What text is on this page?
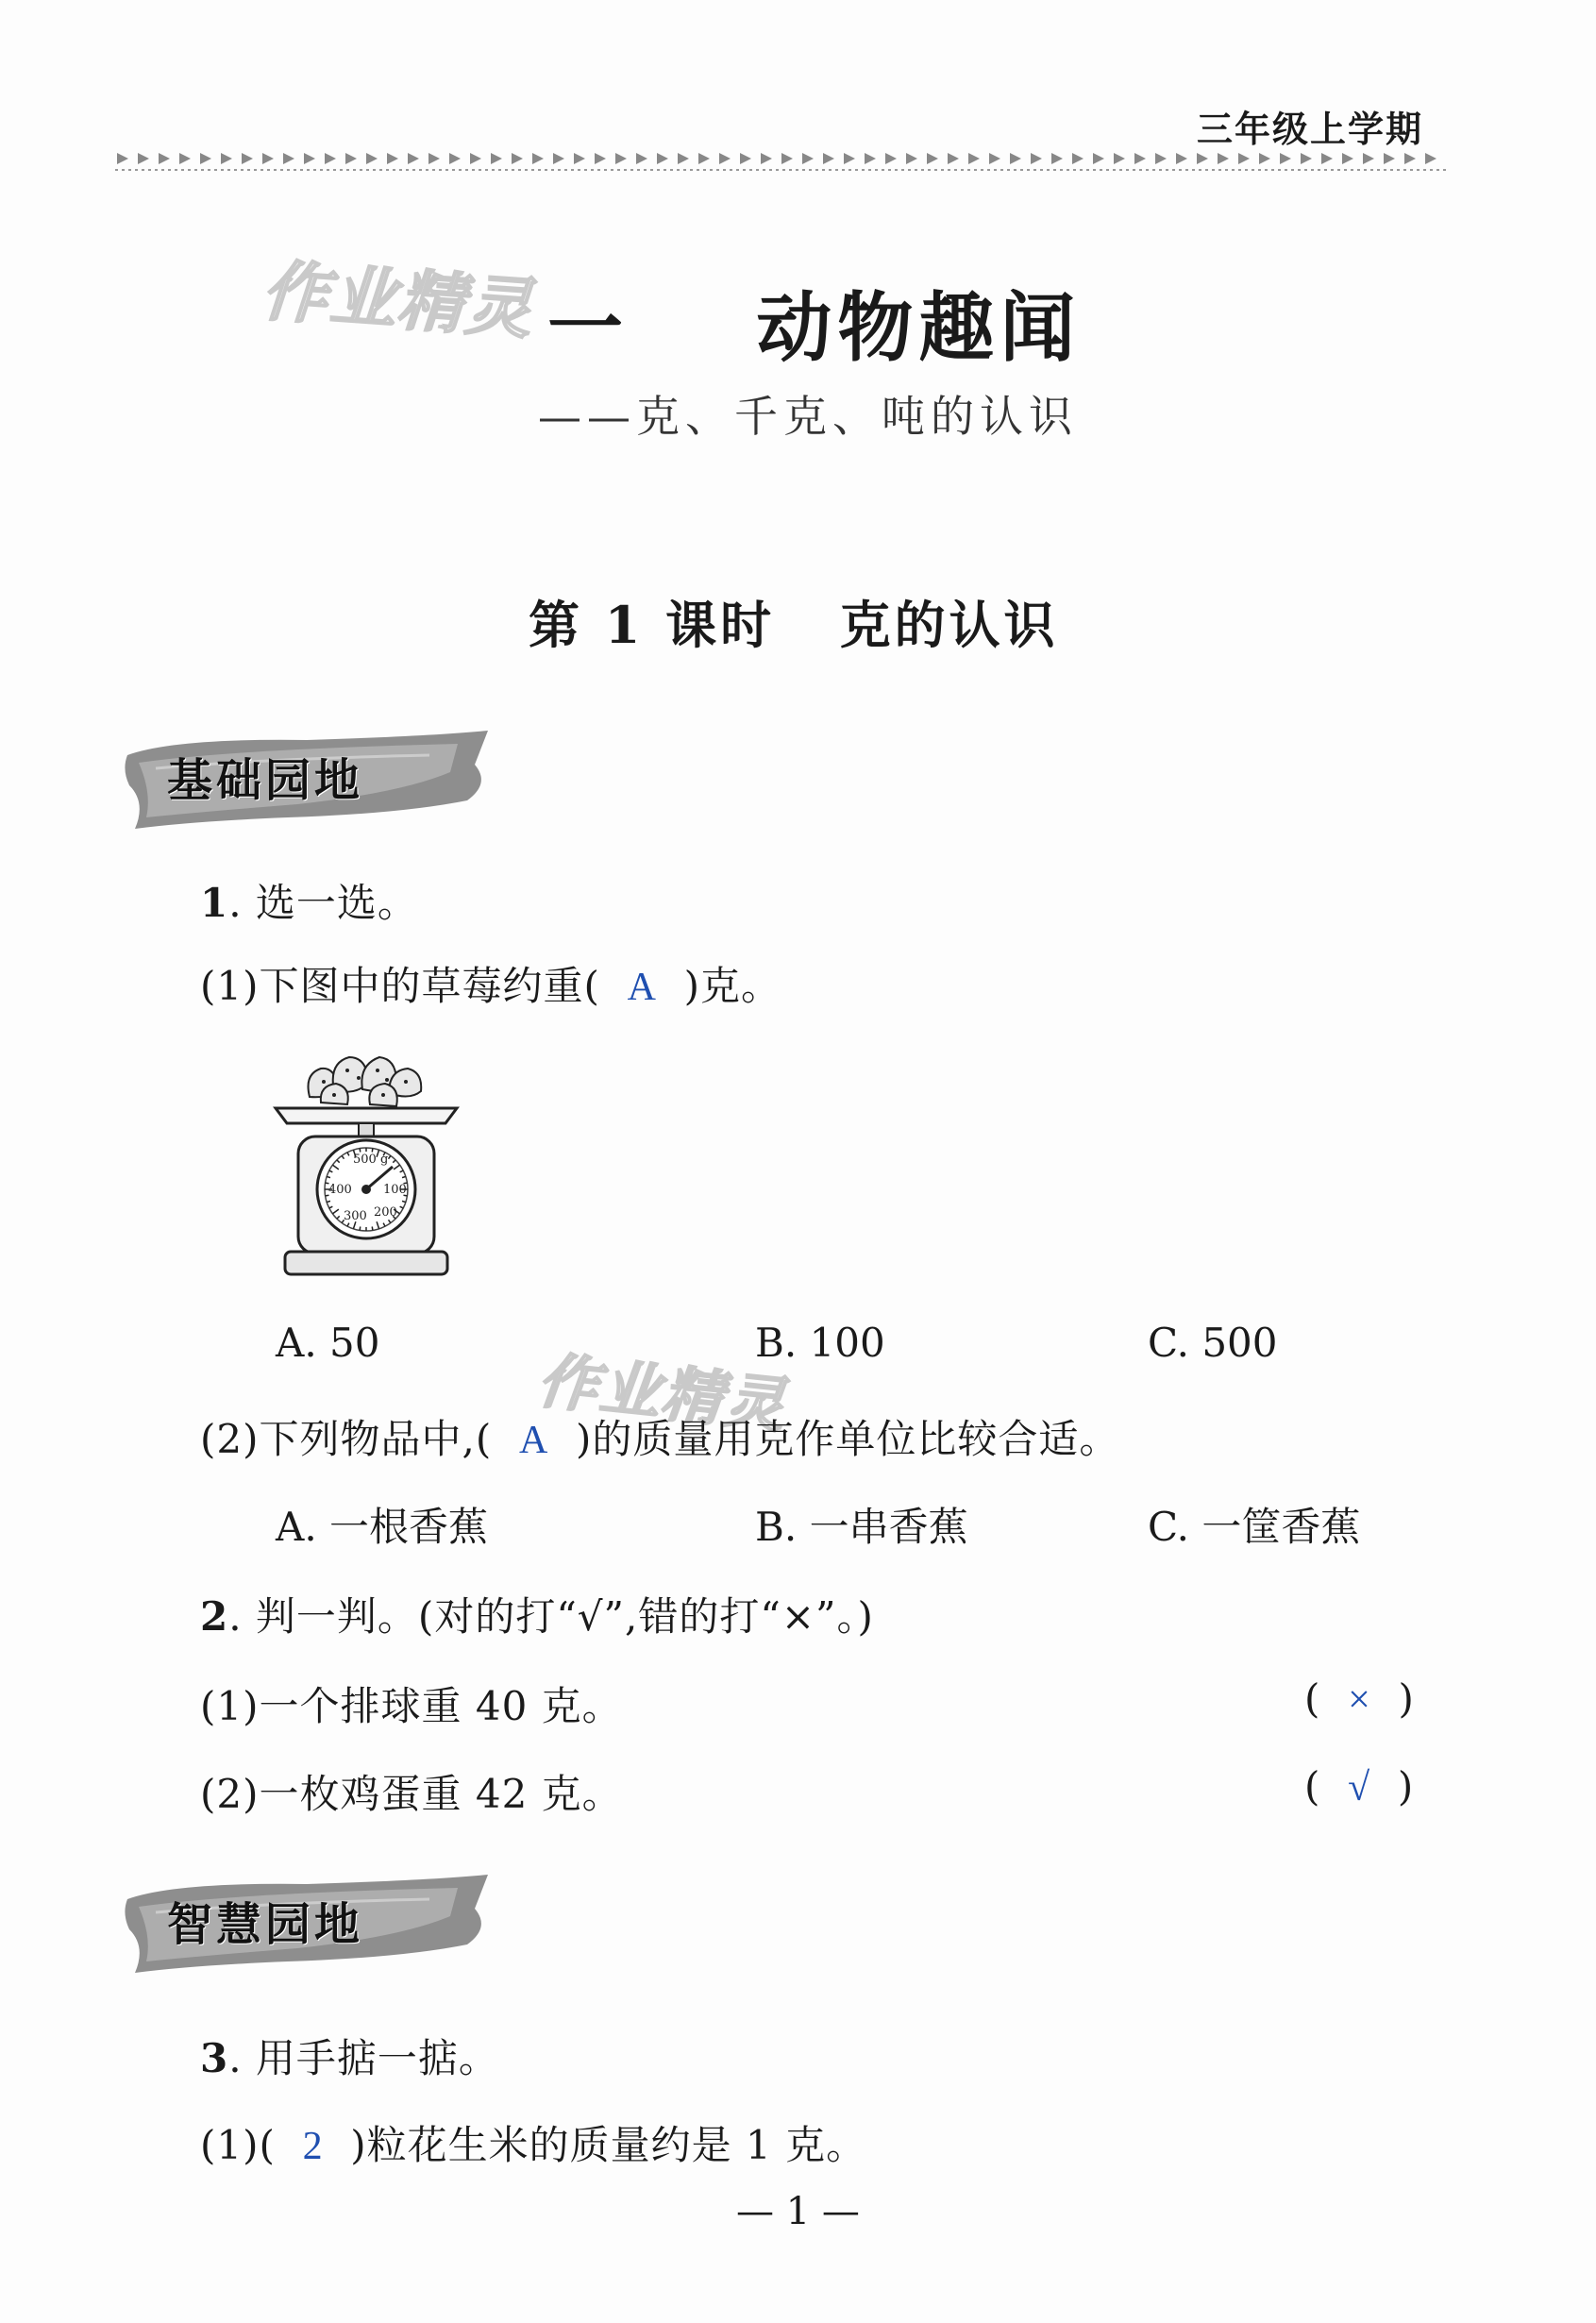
三年级上学期
作业精灵
作业精灵
一 动物趣闻
——克、千克、吨的认识
第 1 课时 克的认识
基础园地
1. 选一选。
(1)下图中的草莓约重( A )克。
500 g
400	100
300 200
A. 50	B. 100	C. 500
(2)下列物品中,( A )的质量用克作单位比较合适。
A. 一根香蕉	B. 一串香蕉	C. 一筐香蕉
2. 判一判。(对的打“√”,错的打“×”。)
(1)一个排球重 40 克。	(  ×  )
(2)一枚鸡蛋重 42 克。	(  √  )
智慧园地
3. 用手掂一掂。
(1)( 2 )粒花生米的质量约是 1 克。
— 1 —
